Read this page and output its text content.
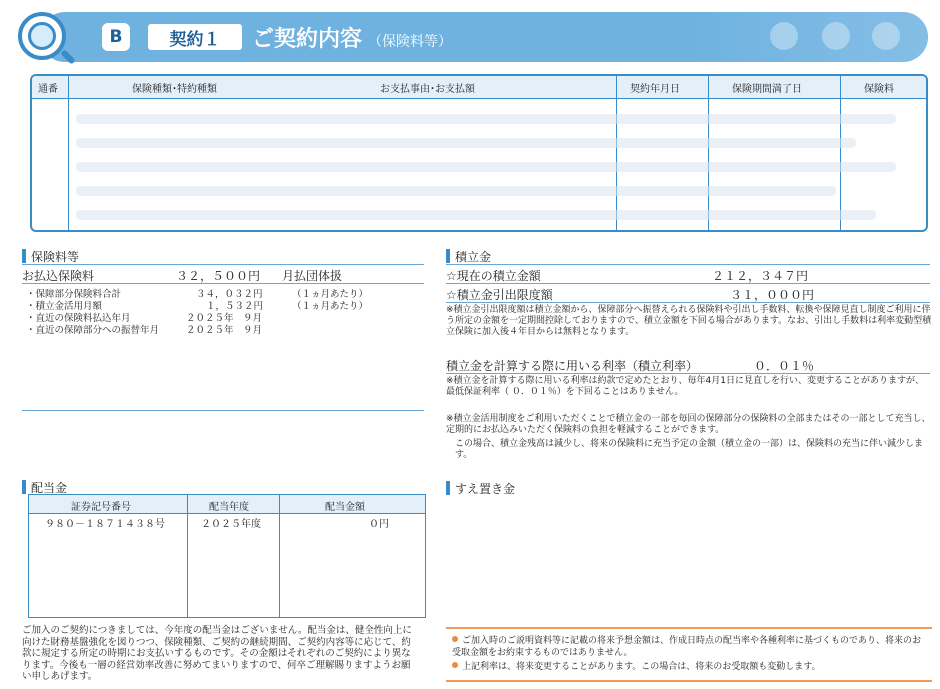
B	契約１	ご契約内容 （保険料等）
通番	保険種類･特約種類	お支払事由･お支払額	契約年月日	保険期間満了日	保険料
保険料等
お払込保険料	３２，５００円 月払団体扱
・保障部分保険料合計	３４，０３２円	（１ヵ月あたり）
・積立金活用月額	１，５３２円	（１ヵ月あたり）
・直近の保険料払込年月	２０２５年　９月
・直近の保障部分への振替年月	２０２５年　９月
積立金
☆現在の積立金額	２１２，３４７円
☆積立金引出限度額	３１，０００円
※積立金引出限度額は積立金額から、保障部分へ振替えられる保険料や引出し手数料、転換や保障見直し制度ご利用に伴う所定の金額を一定期間控除しておりますので、積立金額を下回る場合があります。なお、引出し手数料は利率変動型積立保険に加入後４年目からは無料となります。
積立金を計算する際に用いる利率（積立利率）	０．０１％
※積立金を計算する際に用いる利率は約款で定めたとおり、毎年4月1日に見直しを行い、変更することがありますが、最低保証利率（ ０．０１％）を下回ることはありません。
※積立金活用制度をご利用いただくことで積立金の一部を毎回の保障部分の保険料の全部またはその一部として充当し、定期的にお払込みいただく保険料の負担を軽減することができます。
この場合、積立金残高は減少し、将来の保険料に充当予定の金額（積立金の一部）は、保険料の充当に伴い減少します。
配当金
証券記号番号	配当年度	配当金額
９８０－１８７１４３８号	２０２５年度	０円
ご加入のご契約につきましては、今年度の配当金はございません。配当金は、健全性向上に向けた財務基盤強化を図りつつ、保険種類、ご契約の継続期間、ご契約内容等に応じて、約款に規定する所定の時期にお支払いするものです。その金額はそれぞれのご契約により異なります。今後も一層の経営効率改善に努めてまいりますので、何卒ご理解賜りますようお願い申しあげます。
すえ置き金
ご加入時のご説明資料等に記載の将来予想金額は、作成日時点の配当率や各種利率に基づくものであり、将来のお受取金額をお約束するものではありません。
上記利率は、将来変更することがあります。この場合は、将来のお受取額も変動します。
